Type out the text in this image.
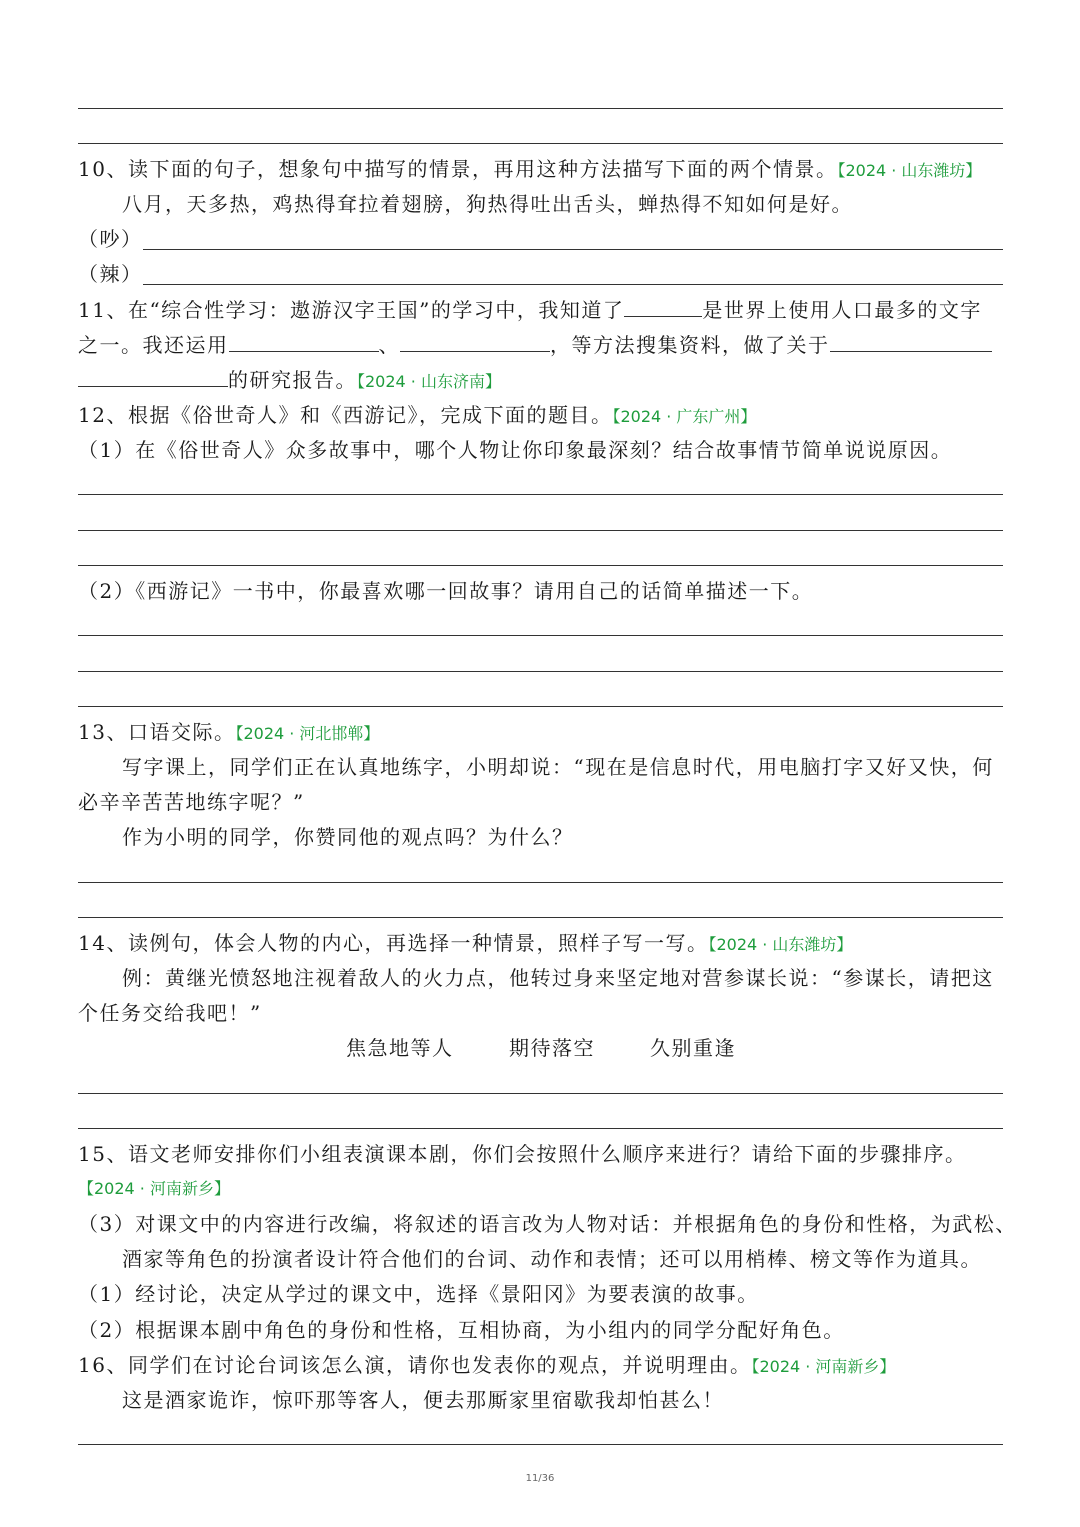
10、读下面的句子，想象句中描写的情景，再用这种方法描写下面的两个情景。【2024 · 山东潍坊】
八月，天多热，鸡热得耷拉着翅膀，狗热得吐出舌头，蝉热得不知如何是好。
（吵）
（辣）
11、在“综合性学习：遨游汉字王国”的学习中，我知道了	是世界上使用人口最多的文字
之一。我还运用	、	，等方法搜集资料，做了关于
的研究报告。【2024 · 山东济南】
12、根据《俗世奇人》和《西游记》，完成下面的题目。【2024 · 广东广州】
（1）在《俗世奇人》众多故事中，哪个人物让你印象最深刻？结合故事情节简单说说原因。
（2）《西游记》一书中，你最喜欢哪一回故事？请用自己的话简单描述一下。
13、口语交际。【2024 · 河北邯郸】
写字课上，同学们正在认真地练字，小明却说：“现在是信息时代，用电脑打字又好又快，何
必辛辛苦苦地练字呢？”
作为小明的同学，你赞同他的观点吗？为什么？
14、读例句，体会人物的内心，再选择一种情景，照样子写一写。【2024 · 山东潍坊】
例：黄继光愤怒地注视着敌人的火力点，他转过身来坚定地对营参谋长说：“参谋长，请把这
个任务交给我吧！”
焦急地等人	期待落空	久别重逢
15、语文老师安排你们小组表演课本剧，你们会按照什么顺序来进行？请给下面的步骤排序。
【2024 · 河南新乡】
（3）对课文中的内容进行改编，将叙述的语言改为人物对话：并根据角色的身份和性格，为武松、
酒家等角色的扮演者设计符合他们的台词、动作和表情；还可以用梢棒、榜文等作为道具。
（1）经讨论，决定从学过的课文中，选择《景阳冈》为要表演的故事。
（2）根据课本剧中角色的身份和性格，互相协商，为小组内的同学分配好角色。
16、同学们在讨论台词该怎么演，请你也发表你的观点，并说明理由。【2024 · 河南新乡】
这是酒家诡诈，惊吓那等客人，便去那厮家里宿歇我却怕甚么！
11/36
